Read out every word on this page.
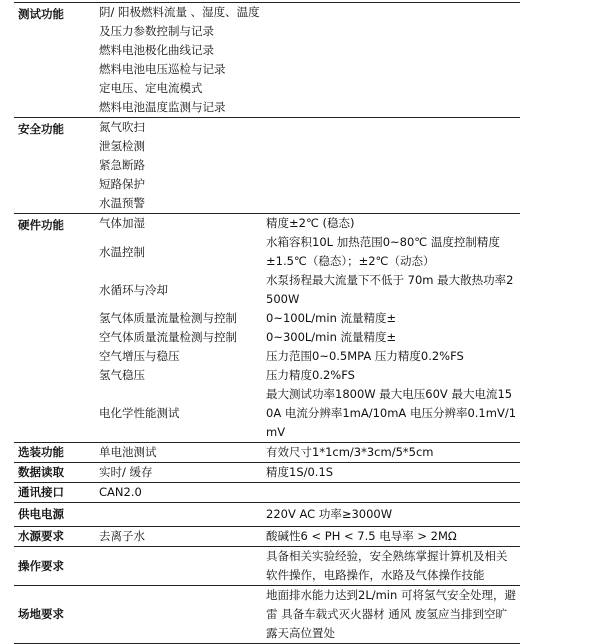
测试功能	阴/ 阳极燃料流量 、湿度、温度及压力参数控制与记录	
	燃料电池极化曲线记录	
	燃料电池电压巡检与记录	
	定电压、定电流模式	
	燃料电池温度监测与记录	
安全功能	氮气吹扫	
	泄氢检测	
	紧急断路	
	短路保护	
	水温预警	
硬件功能	气体加湿	精度±2℃ (稳态)
	水温控制	水箱容积10L 加热范围0~80℃ 温度控制精度±1.5℃（稳态）；±2℃（动态）
	水循环与冷却	水泵扬程最大流量下不低于 70m 最大散热功率2500W
	氢气体质量流量检测与控制	0~100L/min 流量精度±
	空气体质量流量检测与控制	0~300L/min 流量精度±
	空气增压与稳压	压力范围0~0.5MPA 压力精度0.2%FS
	氢气稳压	压力精度0.2%FS
	电化学性能测试	最大测试功率1800W 最大电压60V 最大电流150A 电流分辨率1mA/10mA 电压分辨率0.1mV/1mV
选装功能	单电池测试	有效尺寸1*1cm/3*3cm/5*5cm
数据读取	实时/ 缓存	精度1S/0.1S
通讯接口	CAN2.0	
供电电源		220V AC 功率≥3000W
水源要求	去离子水	酸碱性6 < PH < 7.5 电导率 > 2MΩ
操作要求		具备相关实验经验，安全熟练掌握计算机及相关软件操作，电路操作，水路及气体操作技能
场地要求		地面排水能力达到2L/min 可将氢气安全处理，避雷 具备车载式灭火器材 通风 废氢应当排到空旷露天高位置处
